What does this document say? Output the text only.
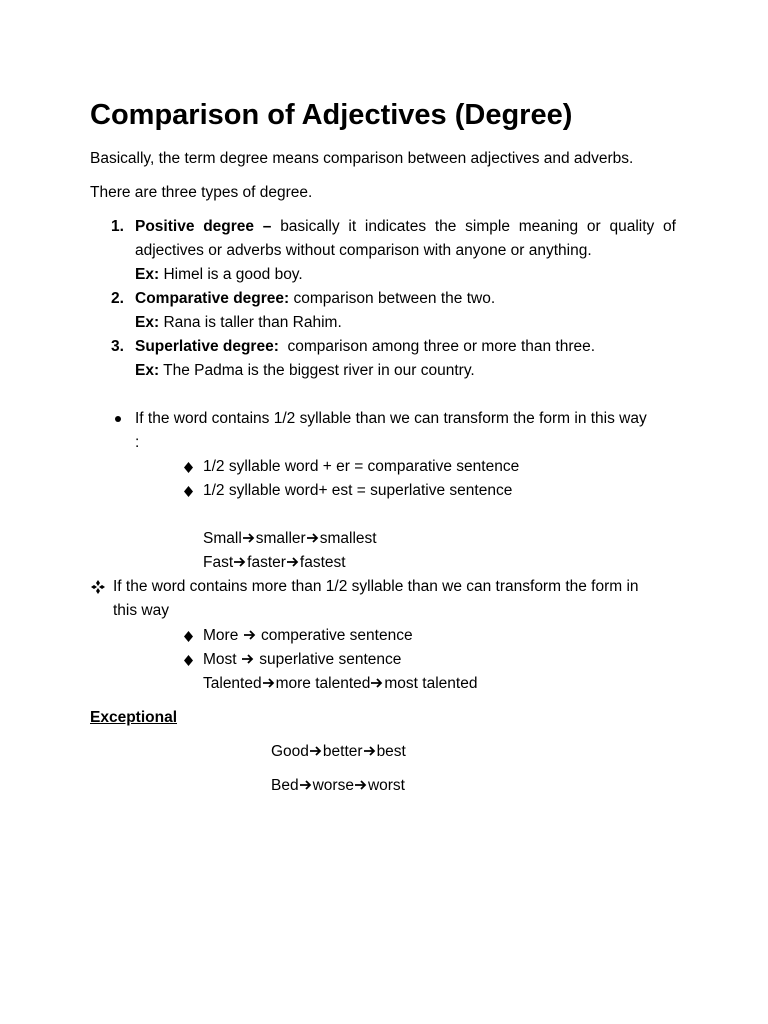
Comparison of Adjectives (Degree)
Basically, the term degree means comparison between adjectives and adverbs.
There are three types of degree.
1. Positive degree – basically it indicates the simple meaning or quality of
adjectives or adverbs without comparison with anyone or anything.
Ex: Himel is a good boy.
2. Comparative degree: comparison between the two.
Ex: Rana is taller than Rahim.
3. Superlative degree: comparison among three or more than three.
Ex: The Padma is the biggest river in our country.
If the word contains 1/2 syllable than we can transform the form in this way
:
1/2 syllable word + er = comparative sentence
1/2 syllable word+ est = superlative sentence
Small smaller smallest
Fast faster fastest
If the word contains more than 1/2 syllable than we can transform the form in
this way
More comperative sentence
Most superlative sentence
Talented more talented most talented
Exceptional
Good better best
Bed worse worst
